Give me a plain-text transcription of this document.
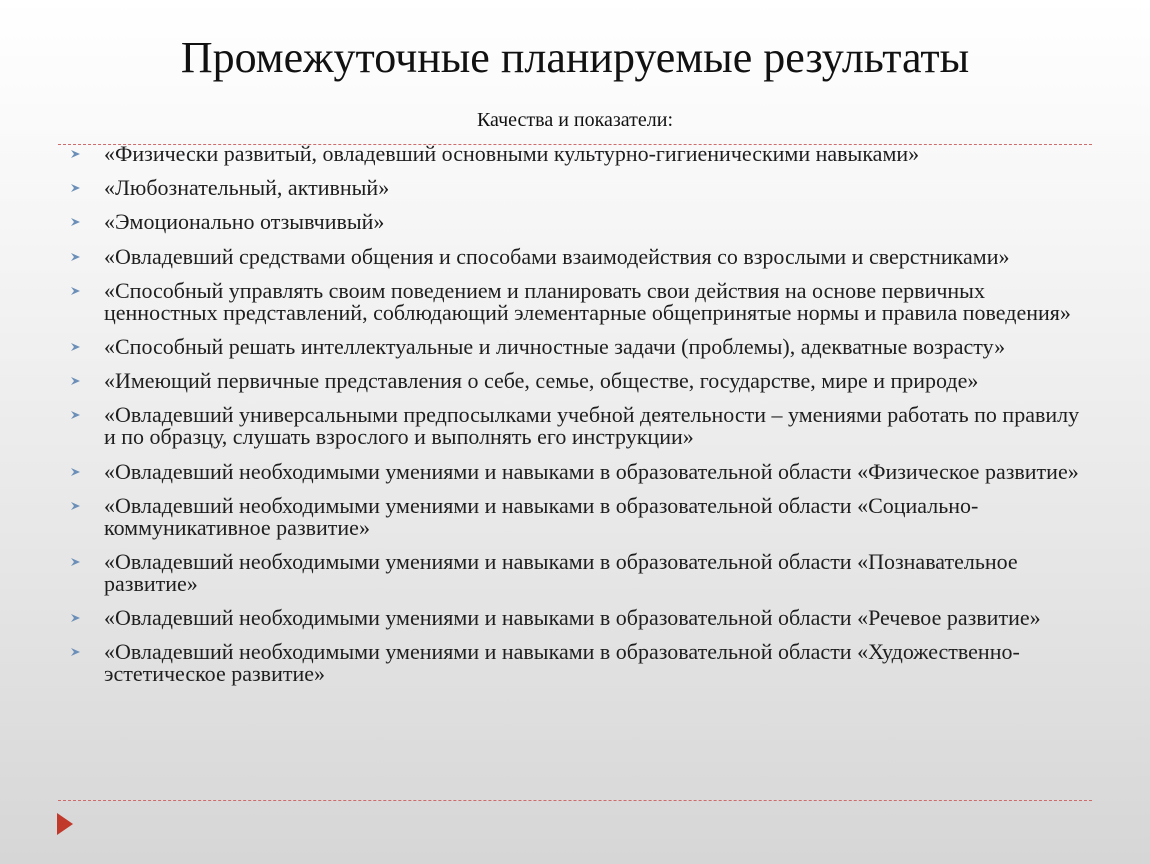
Промежуточные планируемые результаты
Качества и показатели:
«Физически развитый, овладевший основными культурно-гигиеническими навыками»
«Любознательный, активный»
«Эмоционально отзывчивый»
«Овладевший средствами общения и способами взаимодействия со взрослыми и сверстниками»
«Способный управлять своим поведением и планировать свои действия на основе первичных ценностных представлений, соблюдающий элементарные общепринятые нормы и правила поведения»
«Способный решать интеллектуальные и личностные задачи (проблемы), адекватные возрасту»
«Имеющий первичные представления о себе, семье, обществе, государстве, мире и природе»
«Овладевший универсальными предпосылками учебной деятельности – умениями работать по правилу и по образцу, слушать взрослого и выполнять его инструкции»
«Овладевший необходимыми умениями и навыками в образовательной области «Физическое развитие»
«Овладевший необходимыми умениями и навыками в образовательной области «Социально-коммуникативное развитие»
«Овладевший необходимыми умениями и навыками в образовательной области «Познавательное развитие»
«Овладевший необходимыми умениями и навыками в образовательной области «Речевое развитие»
«Овладевший необходимыми умениями и навыками в образовательной области «Художественно-эстетическое развитие»
